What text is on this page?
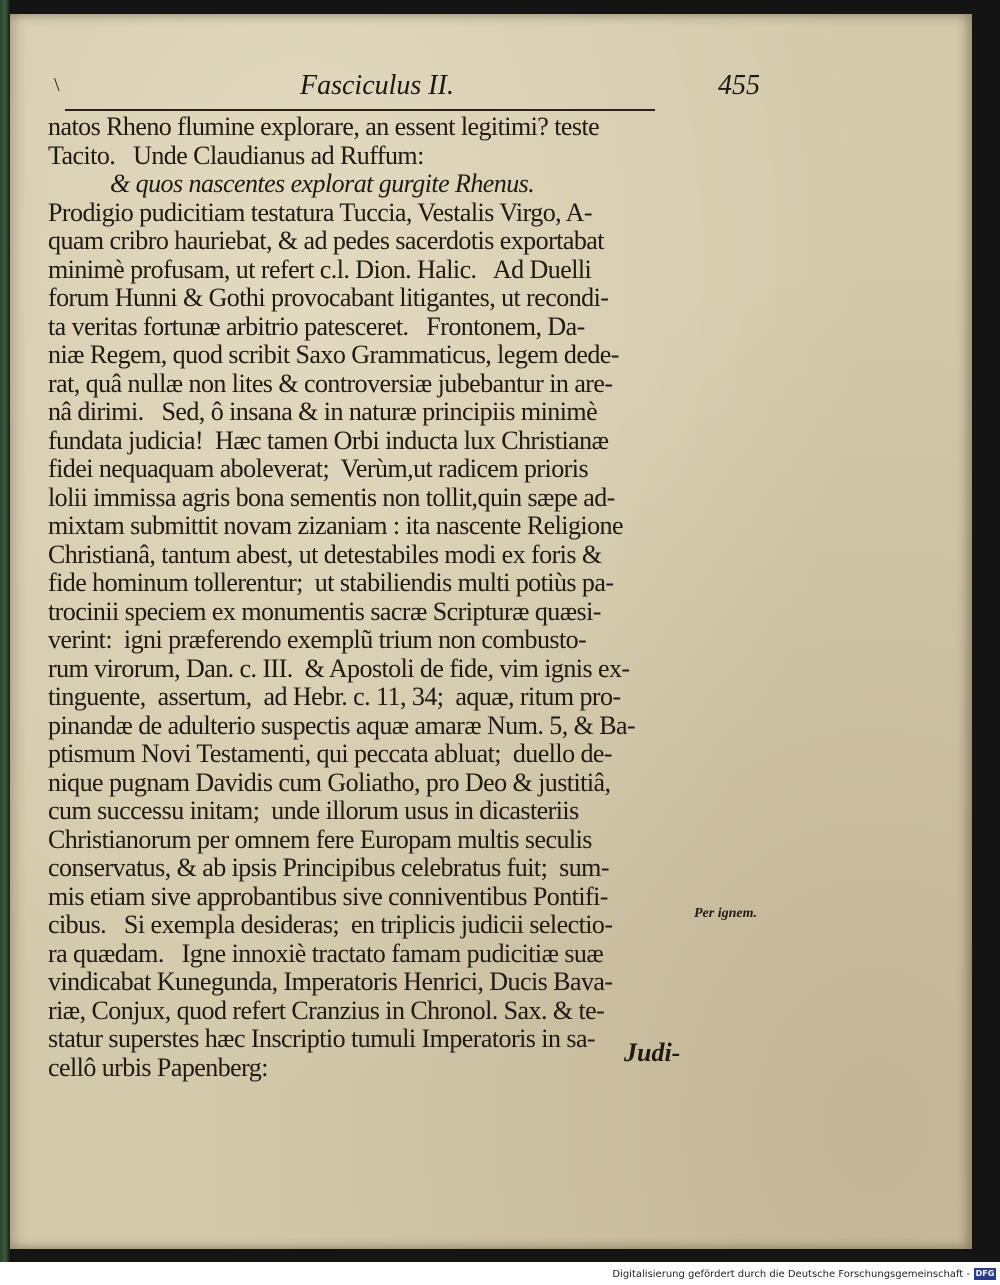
\	Fasciculus II.	455
natos Rheno flumine explorare, an essent legitimi? teste
Tacito.   Unde Claudianus ad Ruffum:
& quos nascentes explorat gurgite Rhenus.
Prodigio pudicitiam testatura Tuccia, Vestalis Virgo, A-
quam cribro hauriebat, & ad pedes sacerdotis exportabat
minimè profusam, ut refert c.l. Dion. Halic.   Ad Duelli
forum Hunni & Gothi provocabant litigantes, ut recondi-
ta veritas fortunæ arbitrio patesceret.   Frontonem, Da-
niæ Regem, quod scribit Saxo Grammaticus, legem dede-
rat, quâ nullæ non lites & controversiæ jubebantur in are-
nâ dirimi.   Sed, ô insana & in naturæ principiis minimè
fundata judicia!  Hæc tamen Orbi inducta lux Christianæ
fidei nequaquam aboleverat;  Verùm,ut radicem prioris
lolii immissa agris bona sementis non tollit,quin sæpe ad-
mixtam submittit novam zizaniam : ita nascente Religione
Christianâ, tantum abest, ut detestabiles modi ex foris &
fide hominum tollerentur;  ut stabiliendis multi potiùs pa-
trocinii speciem ex monumentis sacræ Scripturæ quæsi-
verint:  igni præferendo exemplũ trium non combusto-
rum virorum, Dan. c. III.  & Apostoli de fide, vim ignis ex-
tinguente,  assertum,  ad Hebr. c. 11, 34;  aquæ, ritum pro-
pinandæ de adulterio suspectis aquæ amaræ Num. 5, & Ba-
ptismum Novi Testamenti, qui peccata abluat;  duello de-
nique pugnam Davidis cum Goliatho, pro Deo & justitiâ,
cum successu initam;  unde illorum usus in dicasteriis
Christianorum per omnem fere Europam multis seculis
conservatus, & ab ipsis Principibus celebratus fuit;  sum-
mis etiam sive approbantibus sive conniventibus Pontifi-
cibus.   Si exempla desideras;  en triplicis judicii selectio-
ra quædam.   Igne innoxiè tractato famam pudicitiæ suæ
vindicabat Kunegunda, Imperatoris Henrici, Ducis Bava-
riæ, Conjux, quod refert Cranzius in Chronol. Sax. & te-
statur superstes hæc Inscriptio tumuli Imperatoris in sa-
cellô urbis Papenberg:
Per ignem.
Judi-
Digitalisierung gefördert durch die Deutsche Forschungsgemeinschaft - DFG
